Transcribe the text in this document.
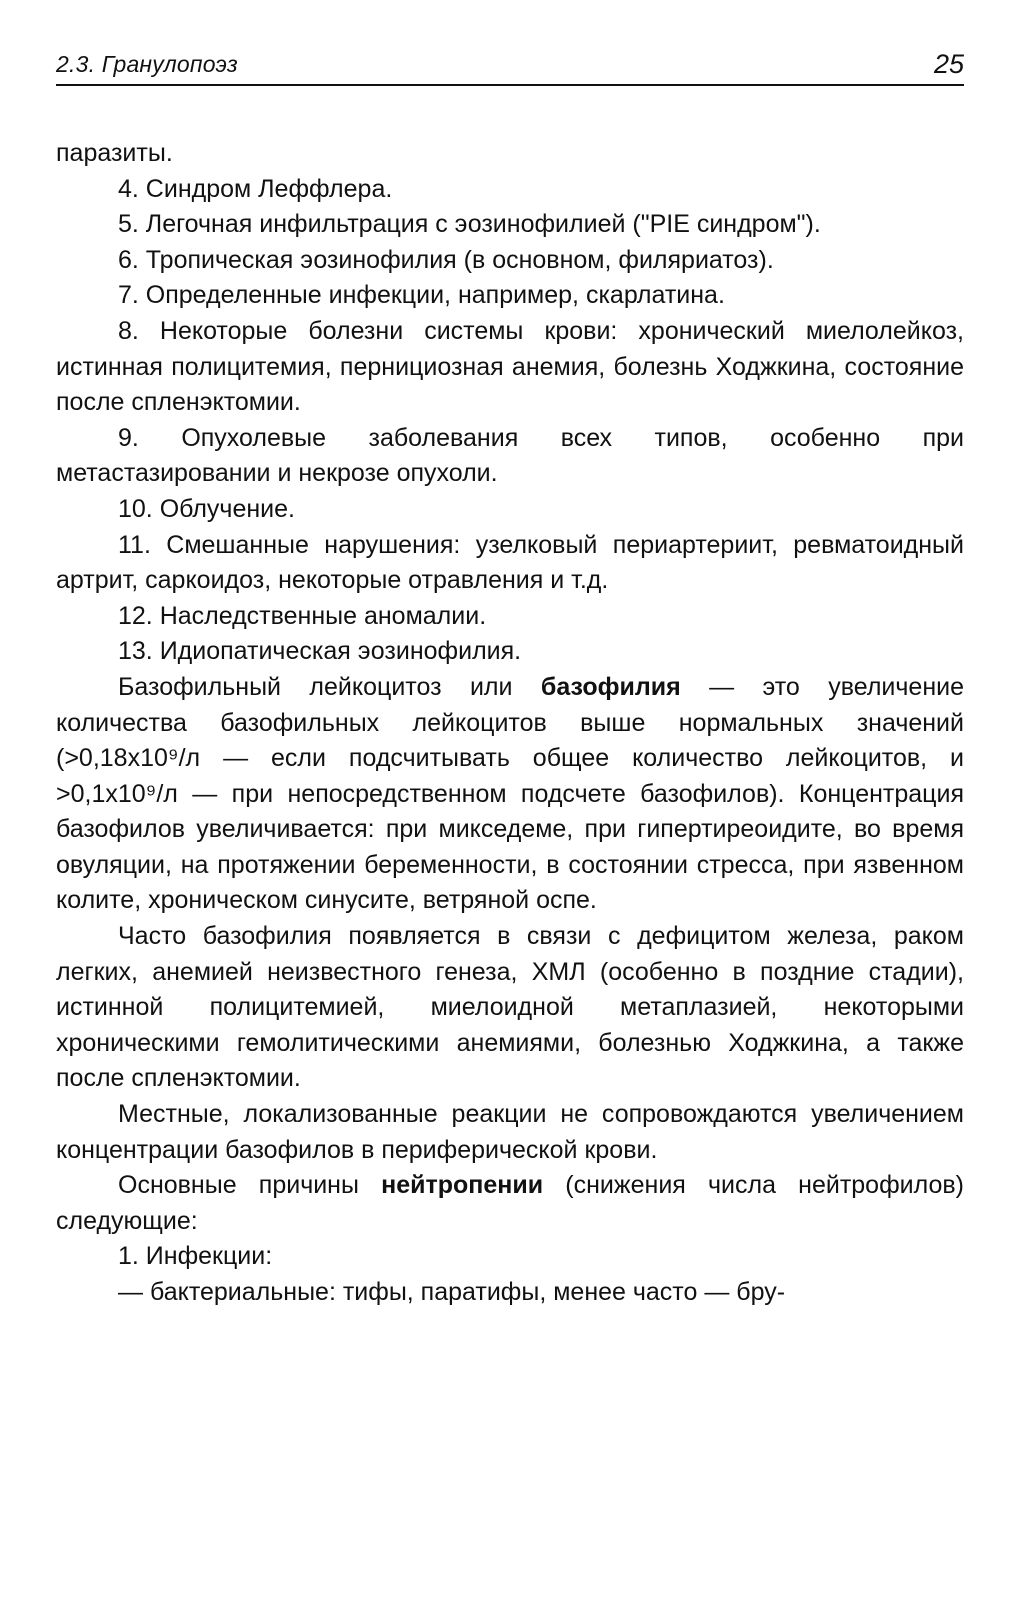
2.3. Гранулопоэз	25

паразиты.

4. Синдром Леффлера.

5. Легочная инфильтрация с эозинофилией ("PIE синдром").

6. Тропическая эозинофилия (в основном, филяриатоз).

7. Определенные инфекции, например, скарлатина.

8. Некоторые болезни системы крови: хронический миелолейкоз, истинная полицитемия, пернициозная анемия, болезнь Ходжкина, состояние после спленэктомии.

9. Опухолевые заболевания всех типов, особенно при метастазировании и некрозе опухоли.

10. Облучение.

11. Смешанные нарушения: узелковый периартериит, ревматоидный артрит, саркоидоз, некоторые отравления и т.д.

12. Наследственные аномалии.

13. Идиопатическая эозинофилия.

Базофильный лейкоцитоз или базофилия — это увеличение количества базофильных лейкоцитов выше нормальных значений (>0,18х10⁹/л — если подсчитывать общее количество лейкоцитов, и >0,1х10⁹/л — при непосредственном подсчете базофилов). Концентрация базофилов увеличивается: при микседеме, при гипертиреоидите, во время овуляции, на протяжении беременности, в состоянии стресса, при язвенном колите, хроническом синусите, ветряной оспе.

Часто базофилия появляется в связи с дефицитом железа, раком легких, анемией неизвестного генеза, ХМЛ (особенно в поздние стадии), истинной полицитемией, миелоидной метаплазией, некоторыми хроническими гемолитическими анемиями, болезнью Ходжкина, а также после спленэктомии.

Местные, локализованные реакции не сопровождаются увеличением концентрации базофилов в периферической крови.

Основные причины нейтропении (снижения числа нейтрофилов) следующие:

1. Инфекции:

— бактериальные: тифы, паратифы, менее часто — бру-
